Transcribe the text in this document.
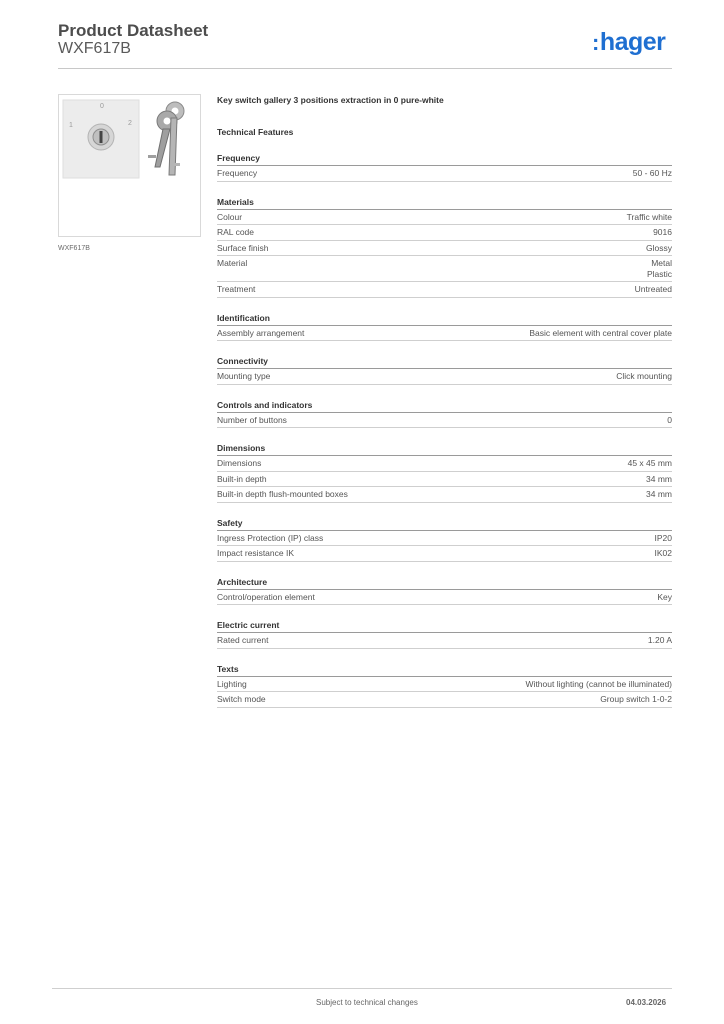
Product Datasheet
WXF617B	:hager
0
1	2
WXF617B
Key switch gallery 3 positions extraction in 0 pure-white
Technical Features
Frequency
Frequency	50 - 60 Hz
Materials
Colour	Traffic white
RAL code	9016
Surface finish	Glossy
Material	Metal
Plastic
Treatment	Untreated
Identification
Assembly arrangement	Basic element with central cover plate
Connectivity
Mounting type	Click mounting
Controls and indicators
Number of buttons	0
Dimensions
Dimensions	45 x 45 mm
Built-in depth	34 mm
Built-in depth flush-mounted boxes	34 mm
Safety
Ingress Protection (IP) class	IP20
Impact resistance IK	IK02
Architecture
Control/operation element	Key
Electric current
Rated current	1.20 A
Texts
Lighting	Without lighting (cannot be illuminated)
Switch mode	Group switch 1-0-2
Subject to technical changes	04.03.2026
